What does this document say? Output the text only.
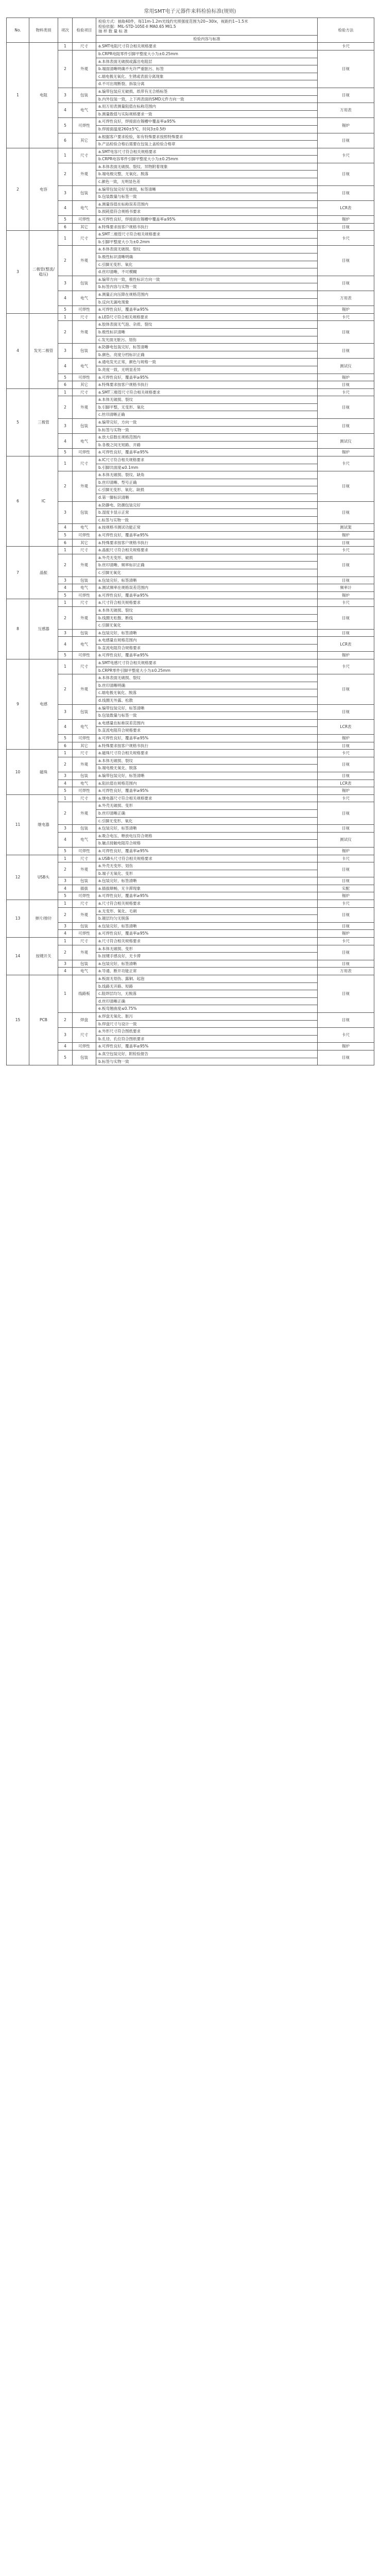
常用SMT电子元器件来料检验标准(规则)
No.	物料类别	项次	检验项目	检验方式：抽取40件，每11m-1.2m光线约光照强度范围为20~30lx，视距约1~1.5米
检验依据：MIL-STD-105E-II MA0.65 MI1.5
抽 样 数 量 标 准	检验方法
				检验内容与标准	
1	电阻	1	尺寸	a.SMT电阻尺寸符合相关规格要求	卡尺
		2	外观	b.CRPR电阻零件引脚平整度大小为±0.25mm	目视
				a.本体表面无破损或露出电阻层	
				b.端面清晰明确不允许严重脏污、标签	
				c.端电极无氧化、生锈或表面分离现象	
				d.不可出现断裂、拆装分离	
		3	包装	a.编带包装应无破损、纸带有无合格标签	目视
				b.内外包装一致，上下两表面的SMD元件方向一致	
		4	电气	a.用万用表测量阻值在标称范围内	万用表
				b.测量数值与实际规格要求一致	
		5	可焊性	a.可焊性良好，焊接面在锡槽中覆盖率≥95%	锡炉
				b.焊接面温度260±5℃，时间3±0.5秒	
		6	其它	a.根据客户要求检验，如有特殊要求按照特殊要求	目视
				b.产品检验合格后需要在包装上盖检验合格章	
2	电容	1	尺寸	a.SMT电容尺寸符合相关规格要求	卡尺
				b.CRPR电容零件引脚平整度大小为±0.25mm	
		2	外观	a.本体表面无破损、裂纹、异物附着现象	目视
				b.端电极完整，无氧化、脱落	
				c.颜色一致，无明显色差	
		3	包装	a.编带包装完好无破损，标签清晰	目视
				b.包装数量与标签一致	
		4	电气	a.测量容值在标称误差范围内	LCR表
				b.损耗值符合规格书要求	
		5	可焊性	a.可焊性良好，焊接面在锡槽中覆盖率≥95%	锡炉
		6	其它	a.特殊要求按客户规格书执行	目视
3	二极管(整流/稳压)	1	尺寸	a.SMT二极管尺寸符合相关规格要求	卡尺
				b.引脚平整度大小为±0.2mm	
		2	外观	a.本体表面无破损、裂纹	目视
				b.极性标识清晰明确	
				c.引脚无变形、氧化	
				d.丝印清晰，不可模糊	
		3	包装	a.编带方向一致，极性标识方向一致	目视
				b.标签内容与实物一致	
		4	电气	a.测量正向压降在规格范围内	万用表
				b.反向无漏电现象	
		5	可焊性	a.可焊性良好，覆盖率≥95%	锡炉
4	发光二极管	1	尺寸	a.LED尺寸符合相关规格要求	卡尺
		2	外观	a.胶体表面无气泡、杂质、裂纹	目视
				b.极性标识清晰	
				c.发光面无脏污、划伤	
		3	包装	a.防静电包装完好，标签清晰	目视
				b.颜色、亮度分档标识正确	
		4	电气	a.通电发光正常，颜色与规格一致	测试仪
				b.亮度一致，无明显差异	
		5	可焊性	a.可焊性良好，覆盖率≥95%	锡炉
		6	其它	a.特殊要求按客户规格书执行	目视
5	三极管	1	尺寸	a.SMT三极管尺寸符合相关规格要求	卡尺
		2	外观	a.本体无破损、裂纹	目视
				b.引脚平整，无变形、氧化	
				c.丝印清晰正确	
		3	包装	a.编带完好，方向一致	目视
				b.标签与实物一致	
		4	电气	a.放大倍数在规格范围内	测试仪
				b.各极之间无短路、开路	
		5	可焊性	a.可焊性良好，覆盖率≥95%	锡炉
6	IC	1	尺寸	a.IC尺寸符合相关规格要求	卡尺
				b.引脚共面度≤0.1mm	
		2	外观	a.本体无破损、裂纹、缺角	目视
				b.丝印清晰、型号正确	
				c.引脚无变形、氧化、缺损	
				d.第一脚标识清晰	
		3	包装	a.防静电、防潮包装完好	目视
				b.湿度卡显示正常	
				c.标签与实物一致	
		4	电气	a.按规格书测试功能正常	测试架
		5	可焊性	a.可焊性良好，覆盖率≥95%	锡炉
		6	其它	a.特殊要求按客户规格书执行	目视
7	晶振	1	尺寸	a.晶振尺寸符合相关规格要求	卡尺
		2	外观	a.外壳无变形、破损	目视
				b.丝印清晰、频率标识正确	
				c.引脚无氧化	
		3	包装	a.包装完好，标签清晰	目视
		4	电气	a.测试频率在规格误差范围内	频率计
		5	可焊性	a.可焊性良好，覆盖率≥95%	锡炉
8	互感器	1	尺寸	a.尺寸符合相关规格要求	卡尺
		2	外观	a.本体无破损、裂纹	目视
				b.线圈无松散、断线	
				c.引脚无氧化	
		3	包装	a.包装完好，标签清晰	目视
		4	电气	a.电感量在规格范围内	LCR表
				b.直流电阻符合规格要求	
		5	可焊性	a.可焊性良好，覆盖率≥95%	锡炉
9	电感	1	尺寸	a.SMT电感尺寸符合相关规格要求	卡尺
				b.CRPR零件引脚平整度大小为±0.25mm	
		2	外观	a.本体表面无破损、裂纹	目视
				b.丝印清晰明确	
				c.端电极无氧化、脱落	
				d.线圈无外露、松散	
		3	包装	a.编带包装完好，标签清晰	目视
				b.包装数量与标签一致	
		4	电气	a.电感量在标称误差范围内	LCR表
				b.直流电阻符合规格要求	
		5	可焊性	a.可焊性良好，覆盖率≥95%	锡炉
		6	其它	a.特殊要求按客户规格书执行	目视
10	磁珠	1	尺寸	a.磁珠尺寸符合相关规格要求	卡尺
		2	外观	a.本体无破损、裂纹	目视
				b.端电极无氧化、脱落	
		3	包装	a.编带包装完好，标签清晰	目视
		4	电气	a.阻抗值在规格范围内	LCR表
		5	可焊性	a.可焊性良好，覆盖率≥95%	锡炉
11	继电器	1	尺寸	a.继电器尺寸符合相关规格要求	卡尺
		2	外观	a.外壳无破损、变形	目视
				b.丝印清晰正确	
				c.引脚无变形、氧化	
		3	包装	a.包装完好，标签清晰	目视
		4	电气	a.吸合电压、释放电压符合规格	测试仪
				b.触点接触电阻符合规格	
		5	可焊性	a.可焊性良好，覆盖率≥95%	锡炉
12	USB头	1	尺寸	a.USB头尺寸符合相关规格要求	卡尺
		2	外观	a.外壳无变形、划伤	目视
				b.端子无氧化、变形	
		3	包装	a.包装完好，标签清晰	目视
		4	插拔	a.插拔顺畅，无卡滞现象	实配
		5	可焊性	a.可焊性良好，覆盖率≥95%	锡炉
13	弹片/排针	1	尺寸	a.尺寸符合相关规格要求	卡尺
		2	外观	a.无变形、氧化、毛刺	目视
				b.镀层均匀无脱落	
		3	包装	a.包装完好，标签清晰	目视
		4	可焊性	a.可焊性良好，覆盖率≥95%	锡炉
14	按键开关	1	尺寸	a.尺寸符合相关规格要求	卡尺
		2	外观	a.本体无破损、变形	目视
				b.按键手感良好，无卡滞	
		3	包装	a.包装完好，标签清晰	目视
		4	电气	a.导通、断开功能正常	万用表
15	PCB	1	线路板	a.板面无划伤、露铜、起泡	目视
				b.线路无开路、短路	
				c.阻焊层均匀，无脱落	
				d.丝印清晰正确	
				e.板弯翘曲度≤0.75%	
		2	焊盘	a.焊盘无氧化、脏污	目视
				b.焊盘尺寸与设计一致	
		3	尺寸	a.外形尺寸符合图纸要求	卡尺
				b.孔径、孔位符合图纸要求	
		4	可焊性	a.可焊性良好，覆盖率≥95%	锡炉
		5	包装	a.真空包装完好，附检验报告	目视
				b.标签与实物一致	
